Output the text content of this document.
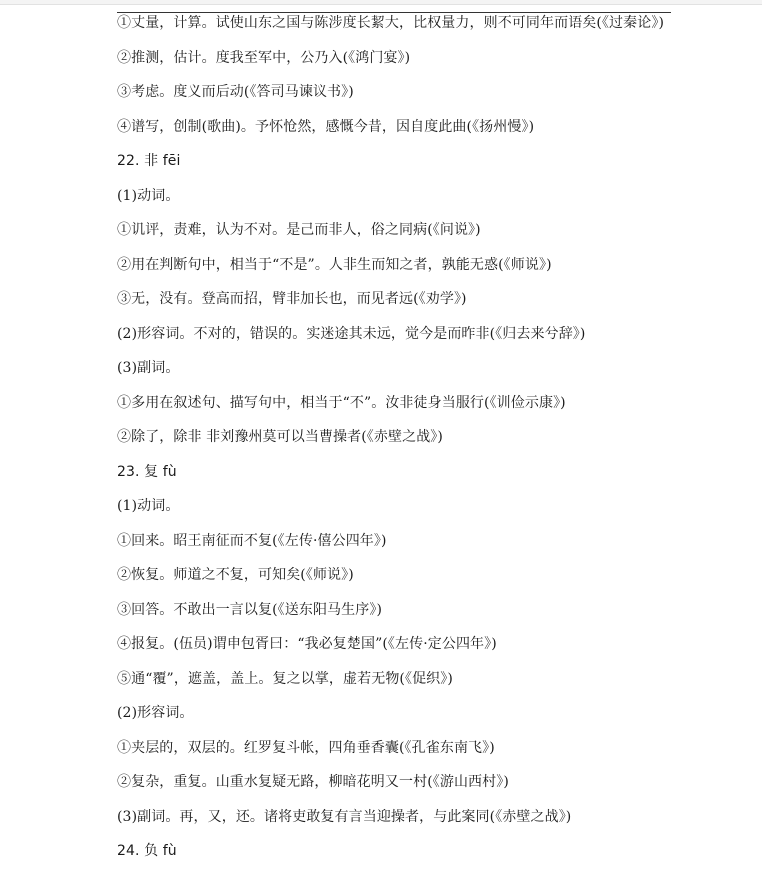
①丈量，计算。试使山东之国与陈涉度长絜大，比权量力，则不可同年而语矣(《过秦论》)
②推测，估计。度我至军中，公乃入(《鸿门宴》)
③考虑。度义而后动(《答司马谏议书》)
④谱写，创制(歌曲)。予怀怆然，感慨今昔，因自度此曲(《扬州慢》)
22. 非 fēi
(1)动词。
①讥评，责难，认为不对。是己而非人，俗之同病(《问说》)
②用在判断句中，相当于“不是”。人非生而知之者，孰能无惑(《师说》)
③无，没有。登高而招，臂非加长也，而见者远(《劝学》)
(2)形容词。不对的，错误的。实迷途其未远，觉今是而昨非(《归去来兮辞》)
(3)副词。
①多用在叙述句、描写句中，相当于“不”。汝非徒身当服行(《训俭示康》)
②除了，除非 非刘豫州莫可以当曹操者(《赤壁之战》)
23. 复 fù
(1)动词。
①回来。昭王南征而不复(《左传·僖公四年》)
②恢复。师道之不复，可知矣(《师说》)
③回答。不敢出一言以复(《送东阳马生序》)
④报复。(伍员)谓申包胥曰：“我必复楚国”(《左传·定公四年》)
⑤通“覆”，遮盖，盖上。复之以掌，虚若无物(《促织》)
(2)形容词。
①夹层的，双层的。红罗复斗帐，四角垂香囊(《孔雀东南飞》)
②复杂，重复。山重水复疑无路，柳暗花明又一村(《游山西村》)
(3)副词。再，又，还。诸将吏敢复有言当迎操者，与此案同(《赤壁之战》)
24. 负 fù
